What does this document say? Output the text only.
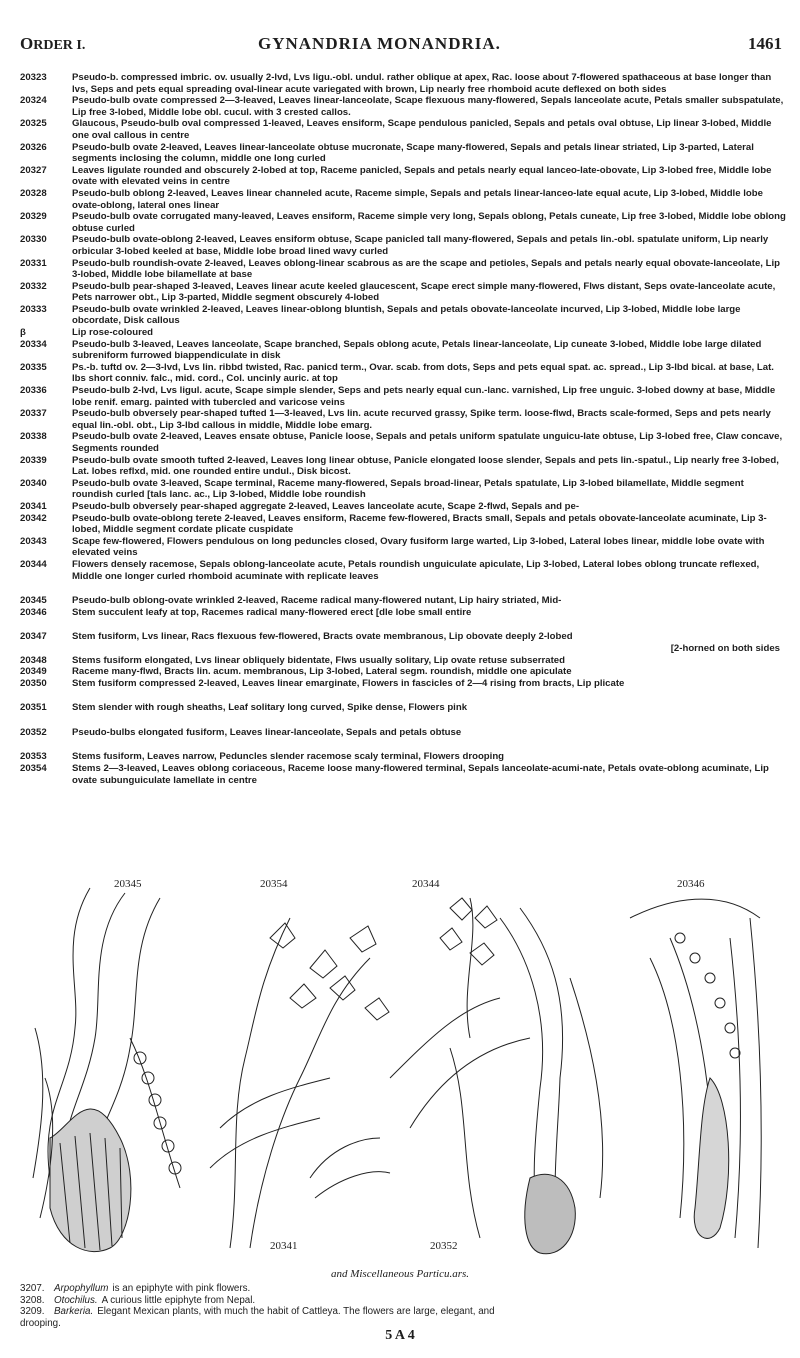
ORDER I.	GYNANDRIA MONANDRIA.	1461
20323	Pseudo-b. compressed imbric. ov. usually 2-lvd, Lvs ligu.-obl. undul. rather oblique at apex, Rac. loose about 7-flowered spathaceous at base longer than lvs, Seps and pets equal spreading oval-linear acute variegated with brown, Lip nearly free rhomboid acute deflexed on both sides
20324	Pseudo-bulb ovate compressed 2—3-leaved, Leaves linear-lanceolate, Scape flexuous many-flowered, Sepals lanceolate acute, Petals smaller subspatulate, Lip free 3-lobed, Middle lobe obl. cucul. with 3 crested callos.
20325	Glaucous, Pseudo-bulb oval compressed 1-leaved, Leaves ensiform, Scape pendulous panicled, Sepals and petals oval obtuse, Lip linear 3-lobed, Middle one oval callous in centre
20326	Pseudo-bulb ovate 2-leaved, Leaves linear-lanceolate obtuse mucronate, Scape many-flowered, Sepals and petals linear striated, Lip 3-parted, Lateral segments inclosing the column, middle one long curled
20327	Leaves ligulate rounded and obscurely 2-lobed at top, Raceme panicled, Sepals and petals nearly equal lanceo-late-obovate, Lip 3-lobed free, Middle lobe ovate with elevated veins in centre
20328	Pseudo-bulb oblong 2-leaved, Leaves linear channeled acute, Raceme simple, Sepals and petals linear-lanceo-late equal acute, Lip 3-lobed, Middle lobe ovate-oblong, lateral ones linear
20329	Pseudo-bulb ovate corrugated many-leaved, Leaves ensiform, Raceme simple very long, Sepals oblong, Petals cuneate, Lip free 3-lobed, Middle lobe oblong obtuse curled
20330	Pseudo-bulb ovate-oblong 2-leaved, Leaves ensiform obtuse, Scape panicled tall many-flowered, Sepals and petals lin.-obl. spatulate uniform, Lip nearly orbicular 3-lobed keeled at base, Middle lobe broad lined wavy curled
20331	Pseudo-bulb roundish-ovate 2-leaved, Leaves oblong-linear scabrous as are the scape and petioles, Sepals and petals nearly equal obovate-lanceolate, Lip 3-lobed, Middle lobe bilamellate at base
20332	Pseudo-bulb pear-shaped 3-leaved, Leaves linear acute keeled glaucescent, Scape erect simple many-flowered, Flws distant, Seps ovate-lanceolate acute, Pets narrower obt., Lip 3-parted, Middle segment obscurely 4-lobed
20333	Pseudo-bulb ovate wrinkled 2-leaved, Leaves linear-oblong bluntish, Sepals and petals obovate-lanceolate incurved, Lip 3-lobed, Middle lobe large obcordate, Disk callous
β	Lip rose-coloured
20334	Pseudo-bulb 3-leaved, Leaves lanceolate, Scape branched, Sepals oblong acute, Petals linear-lanceolate, Lip cuneate 3-lobed, Middle lobe large dilated subreniform furrowed biappendiculate in disk
20335	Ps.-b. tuftd ov. 2—3-lvd, Lvs lin. ribbd twisted, Rac. panicd term., Ovar. scab. from dots, Seps and pets equal spat. ac. spread., Lip 3-lbd bical. at base, Lat. lbs short conniv. falc., mid. cord., Col. uncinly auric. at top
20336	Pseudo-bulb 2-lvd, Lvs ligul. acute, Scape simple slender, Seps and pets nearly equal cun.-lanc. varnished, Lip free unguic. 3-lobed downy at base, Middle lobe renif. emarg. painted with tubercled and varicose veins
20337	Pseudo-bulb obversely pear-shaped tufted 1—3-leaved, Lvs lin. acute recurved grassy, Spike term. loose-flwd, Bracts scale-formed, Seps and pets nearly equal lin.-obl. obt., Lip 3-lbd callous in middle, Middle lobe emarg.
20338	Pseudo-bulb ovate 2-leaved, Leaves ensate obtuse, Panicle loose, Sepals and petals uniform spatulate unguicu-late obtuse, Lip 3-lobed free, Claw concave, Segments rounded
20339	Pseudo-bulb ovate smooth tufted 2-leaved, Leaves long linear obtuse, Panicle elongated loose slender, Sepals and pets lin.-spatul., Lip nearly free 3-lobed, Lat. lobes reflxd, mid. one rounded entire undul., Disk bicost.
20340	Pseudo-bulb ovate 3-leaved, Scape terminal, Raceme many-flowered, Sepals broad-linear, Petals spatulate, Lip 3-lobed bilamellate, Middle segment roundish curled [tals lanc. ac., Lip 3-lobed, Middle lobe roundish
20341	Pseudo-bulb obversely pear-shaped aggregate 2-leaved, Leaves lanceolate acute, Scape 2-flwd, Sepals and pe-
20342	Pseudo-bulb ovate-oblong terete 2-leaved, Leaves ensiform, Raceme few-flowered, Bracts small, Sepals and petals obovate-lanceolate acuminate, Lip 3-lobed, Middle segment cordate plicate cuspidate
20343	Scape few-flowered, Flowers pendulous on long peduncles closed, Ovary fusiform large warted, Lip 3-lobed, Lateral lobes linear, middle lobe ovate with elevated veins
20344	Flowers densely racemose, Sepals oblong-lanceolate acute, Petals roundish unguiculate apiculate, Lip 3-lobed, Lateral lobes oblong truncate reflexed, Middle one longer curled rhomboid acuminate with replicate leaves
20345	Pseudo-bulb oblong-ovate wrinkled 2-leaved, Raceme radical many-flowered nutant, Lip hairy striated, Mid-
20346	Stem succulent leafy at top, Racemes radical many-flowered erect [dle lobe small entire
20347	Stem fusiform, Lvs linear, Racs flexuous few-flowered, Bracts ovate membranous, Lip obovate deeply 2-lobed
[2-horned on both sides
20348	Stems fusiform elongated, Lvs linear obliquely bidentate, Flws usually solitary, Lip ovate retuse subserrated
20349	Raceme many-flwd, Bracts lin. acum. membranous, Lip 3-lobed, Lateral segm. roundish, middle one apiculate
20350	Stem fusiform compressed 2-leaved, Leaves linear emarginate, Flowers in fascicles of 2—4 rising from bracts, Lip plicate
20351	Stem slender with rough sheaths, Leaf solitary long curved, Spike dense, Flowers pink
20352	Pseudo-bulbs elongated fusiform, Leaves linear-lanceolate, Sepals and petals obtuse
20353	Stems fusiform, Leaves narrow, Peduncles slender racemose scaly terminal, Flowers drooping
20354	Stems 2—3-leaved, Leaves oblong coriaceous, Raceme loose many-flowered terminal, Sepals lanceolate-acumi-nate, Petals ovate-oblong acuminate, Lip ovate subunguiculate lamellate in centre
20345	20354	20344	20346
20341	20352
and Miscellaneous Particu.ars.
3207. Arpophyllum is an epiphyte with pink flowers.
3208. Otochilus. A curious little epiphyte from Nepal.
3209. Barkeria. Elegant Mexican plants, with much the habit of Cattleya. The flowers are large, elegant, and
drooping.
5 A 4
